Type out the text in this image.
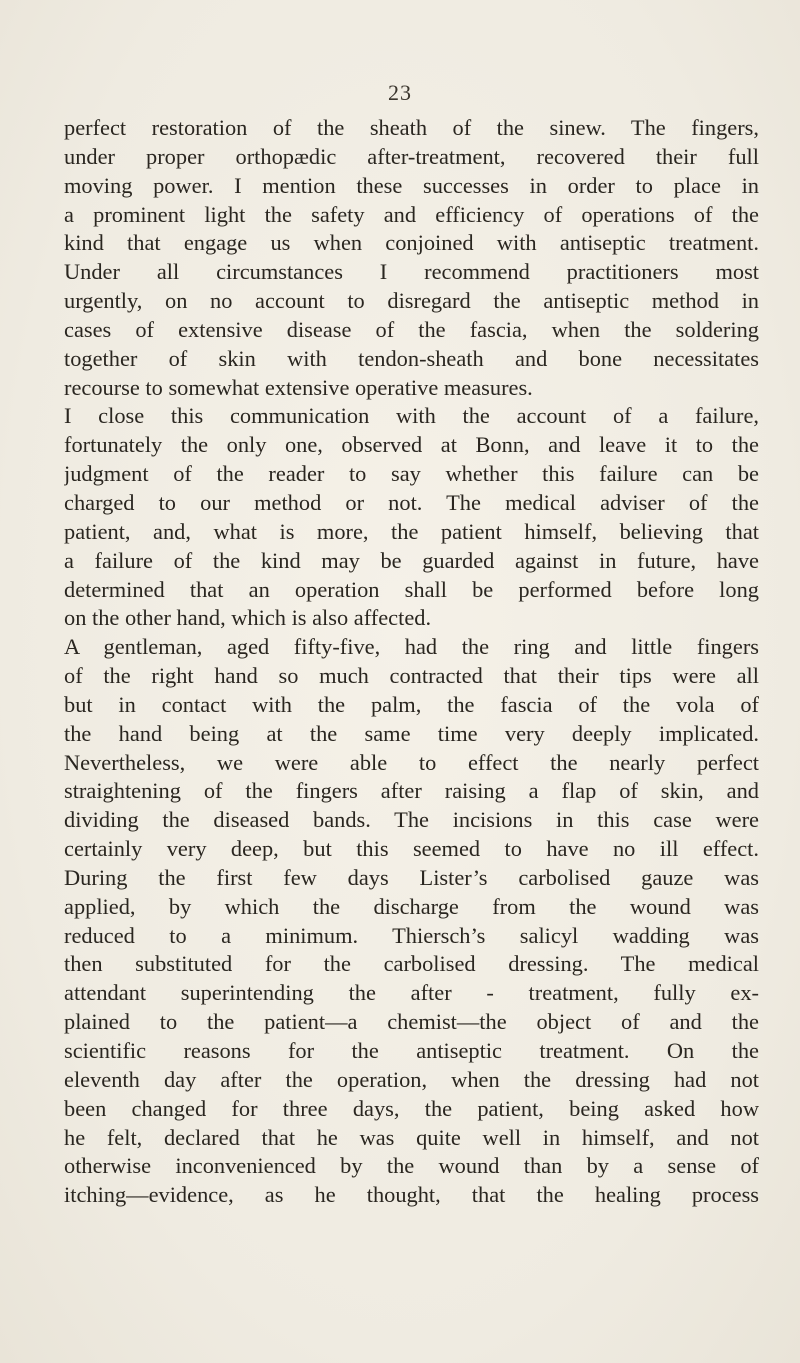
23
perfect restoration of the sheath of the sinew. The fingers,
under proper orthopædic after-treatment, recovered their full
moving power. I mention these successes in order to place in
a prominent light the safety and efficiency of operations of the
kind that engage us when conjoined with antiseptic treatment.
Under all circumstances I recommend practitioners most
urgently, on no account to disregard the antiseptic method in
cases of extensive disease of the fascia, when the soldering
together of skin with tendon-sheath and bone necessitates
recourse to somewhat extensive operative measures.
I close this communication with the account of a failure,
fortunately the only one, observed at Bonn, and leave it to the
judgment of the reader to say whether this failure can be
charged to our method or not. The medical adviser of the
patient, and, what is more, the patient himself, believing that
a failure of the kind may be guarded against in future, have
determined that an operation shall be performed before long
on the other hand, which is also affected.
A gentleman, aged fifty-five, had the ring and little fingers
of the right hand so much contracted that their tips were all
but in contact with the palm, the fascia of the vola of
the hand being at the same time very deeply implicated.
Nevertheless, we were able to effect the nearly perfect
straightening of the fingers after raising a flap of skin, and
dividing the diseased bands. The incisions in this case were
certainly very deep, but this seemed to have no ill effect.
During the first few days Lister’s carbolised gauze was
applied, by which the discharge from the wound was
reduced to a minimum. Thiersch’s salicyl wadding was
then substituted for the carbolised dressing. The medical
attendant superintending the after - treatment, fully ex-
plained to the patient—a chemist—the object of and the
scientific reasons for the antiseptic treatment. On the
eleventh day after the operation, when the dressing had not
been changed for three days, the patient, being asked how
he felt, declared that he was quite well in himself, and not
otherwise inconvenienced by the wound than by a sense of
itching—evidence, as he thought, that the healing process
